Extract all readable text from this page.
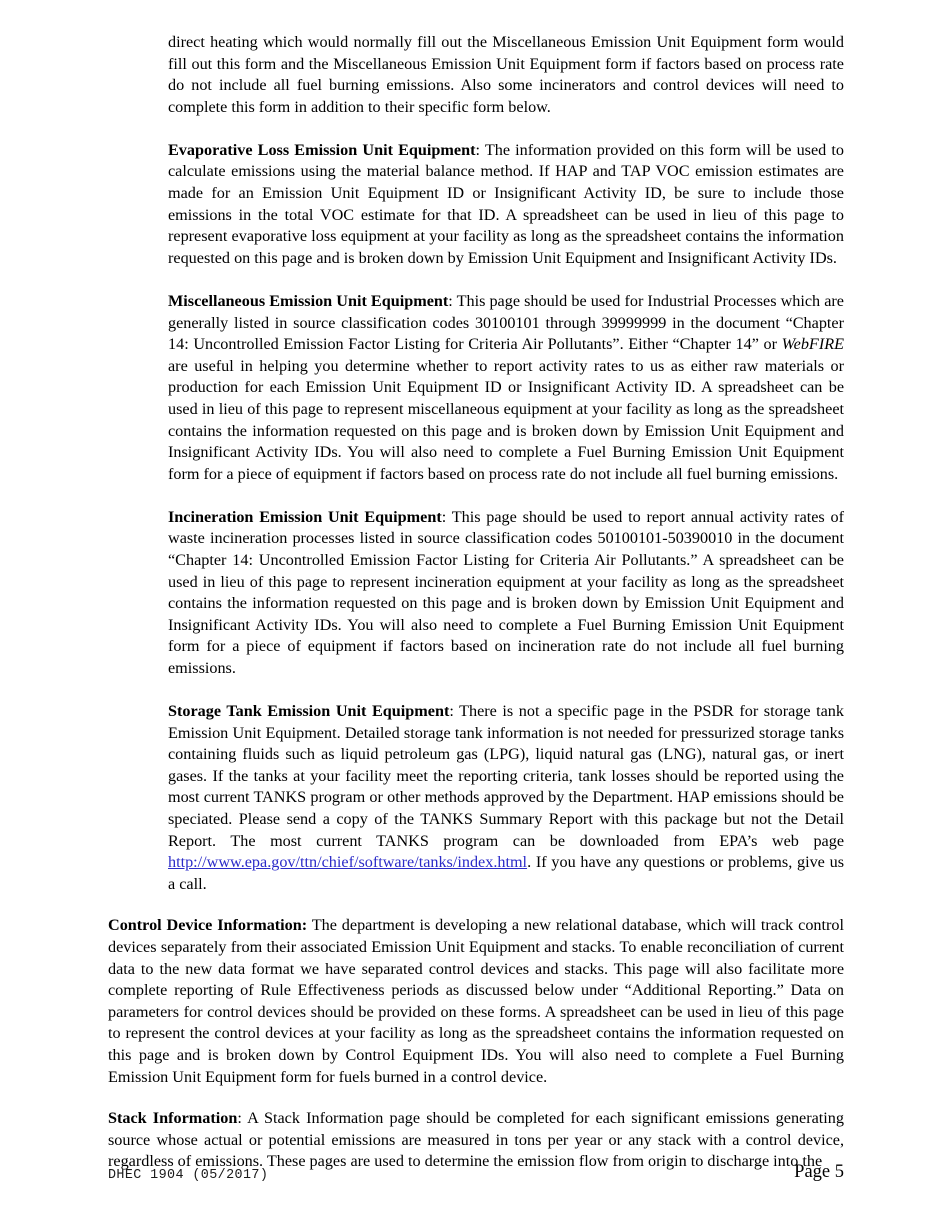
direct heating which would normally fill out the Miscellaneous Emission Unit Equipment form would fill out this form and the Miscellaneous Emission Unit Equipment form if factors based on process rate do not include all fuel burning emissions. Also some incinerators and control devices will need to complete this form in addition to their specific form below.

Evaporative Loss Emission Unit Equipment: The information provided on this form will be used to calculate emissions using the material balance method. If HAP and TAP VOC emission estimates are made for an Emission Unit Equipment ID or Insignificant Activity ID, be sure to include those emissions in the total VOC estimate for that ID. A spreadsheet can be used in lieu of this page to represent evaporative loss equipment at your facility as long as the spreadsheet contains the information requested on this page and is broken down by Emission Unit Equipment and Insignificant Activity IDs.

Miscellaneous Emission Unit Equipment: This page should be used for Industrial Processes which are generally listed in source classification codes 30100101 through 39999999 in the document “Chapter 14: Uncontrolled Emission Factor Listing for Criteria Air Pollutants”. Either “Chapter 14” or WebFIRE are useful in helping you determine whether to report activity rates to us as either raw materials or production for each Emission Unit Equipment ID or Insignificant Activity ID. A spreadsheet can be used in lieu of this page to represent miscellaneous equipment at your facility as long as the spreadsheet contains the information requested on this page and is broken down by Emission Unit Equipment and Insignificant Activity IDs. You will also need to complete a Fuel Burning Emission Unit Equipment form for a piece of equipment if factors based on process rate do not include all fuel burning emissions.

Incineration Emission Unit Equipment: This page should be used to report annual activity rates of waste incineration processes listed in source classification codes 50100101-50390010 in the document “Chapter 14: Uncontrolled Emission Factor Listing for Criteria Air Pollutants.” A spreadsheet can be used in lieu of this page to represent incineration equipment at your facility as long as the spreadsheet contains the information requested on this page and is broken down by Emission Unit Equipment and Insignificant Activity IDs. You will also need to complete a Fuel Burning Emission Unit Equipment form for a piece of equipment if factors based on incineration rate do not include all fuel burning emissions.

Storage Tank Emission Unit Equipment: There is not a specific page in the PSDR for storage tank Emission Unit Equipment. Detailed storage tank information is not needed for pressurized storage tanks containing fluids such as liquid petroleum gas (LPG), liquid natural gas (LNG), natural gas, or inert gases. If the tanks at your facility meet the reporting criteria, tank losses should be reported using the most current TANKS program or other methods approved by the Department. HAP emissions should be speciated. Please send a copy of the TANKS Summary Report with this package but not the Detail Report. The most current TANKS program can be downloaded from EPA’s web page http://www.epa.gov/ttn/chief/software/tanks/index.html. If you have any questions or problems, give us a call.

Control Device Information: The department is developing a new relational database, which will track control devices separately from their associated Emission Unit Equipment and stacks. To enable reconciliation of current data to the new data format we have separated control devices and stacks. This page will also facilitate more complete reporting of Rule Effectiveness periods as discussed below under “Additional Reporting.” Data on parameters for control devices should be provided on these forms. A spreadsheet can be used in lieu of this page to represent the control devices at your facility as long as the spreadsheet contains the information requested on this page and is broken down by Control Equipment IDs. You will also need to complete a Fuel Burning Emission Unit Equipment form for fuels burned in a control device.

Stack Information: A Stack Information page should be completed for each significant emissions generating source whose actual or potential emissions are measured in tons per year or any stack with a control device, regardless of emissions. These pages are used to determine the emission flow from origin to discharge into the

DHEC 1904 (05/2017)	Page 5
